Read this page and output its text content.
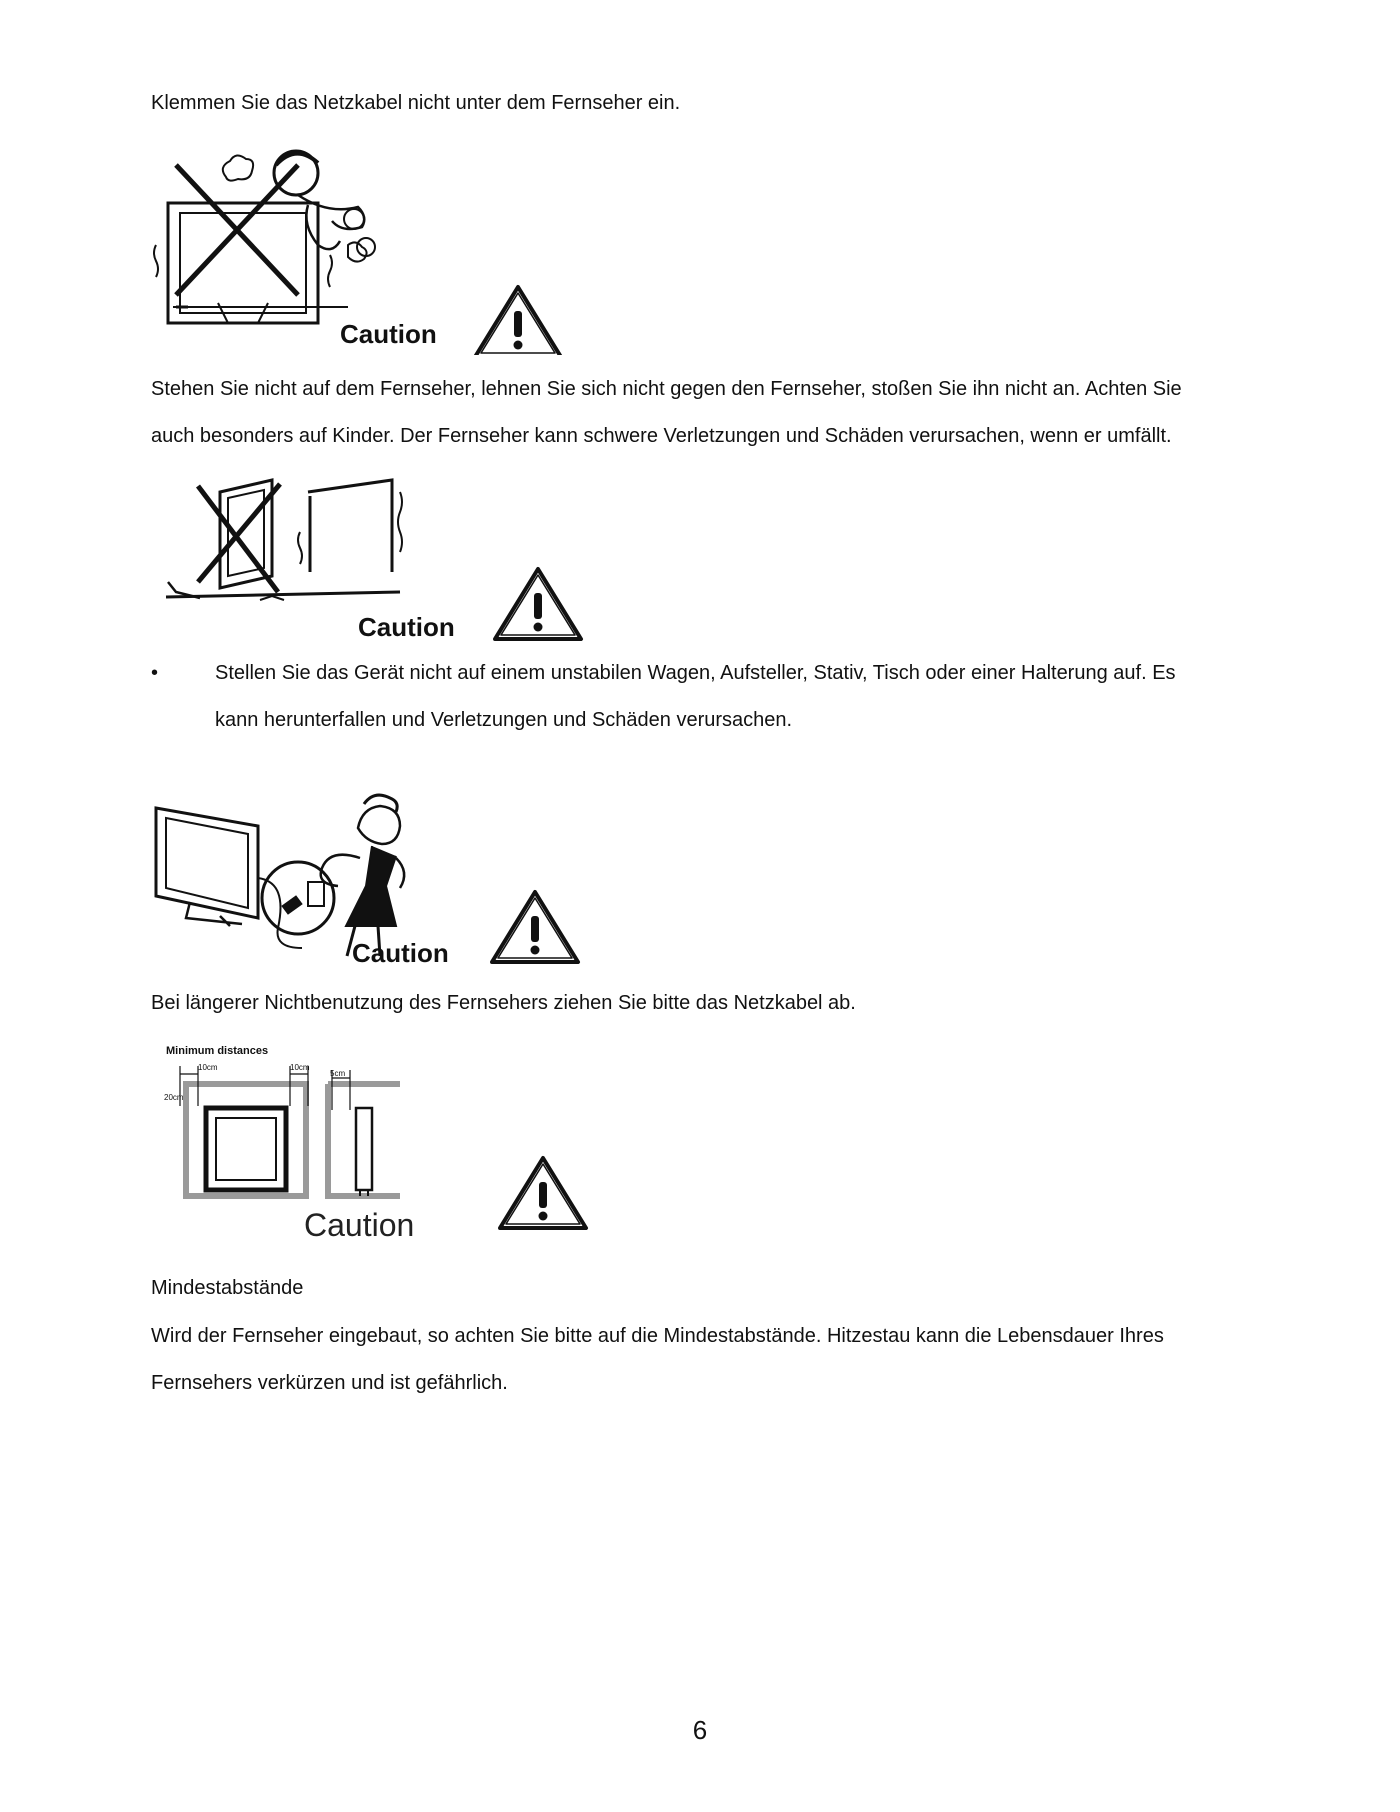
Klemmen Sie das Netzkabel nicht unter dem Fernseher ein.

Caution

Stehen Sie nicht auf dem Fernseher, lehnen Sie sich nicht gegen den Fernseher, stoßen Sie ihn nicht an. Achten Sie

auch besonders auf Kinder. Der Fernseher kann schwere Verletzungen und Schäden verursachen, wenn er umfällt.

Caution
•	Stellen Sie das Gerät nicht auf einem unstabilen Wagen, Aufsteller, Stativ, Tisch oder einer Halterung auf. Es

kann herunterfallen und Verletzungen und Schäden verursachen.

Caution

Bei längerer Nichtbenutzung des Fernsehers ziehen Sie bitte das Netzkabel ab.

Minimum distances
10cm	10cm
5cm
20cm
Caution

Mindestabstände

Wird der Fernseher eingebaut, so achten Sie bitte auf die Mindestabstände. Hitzestau kann die Lebensdauer Ihres

Fernsehers verkürzen und ist gefährlich.

6
